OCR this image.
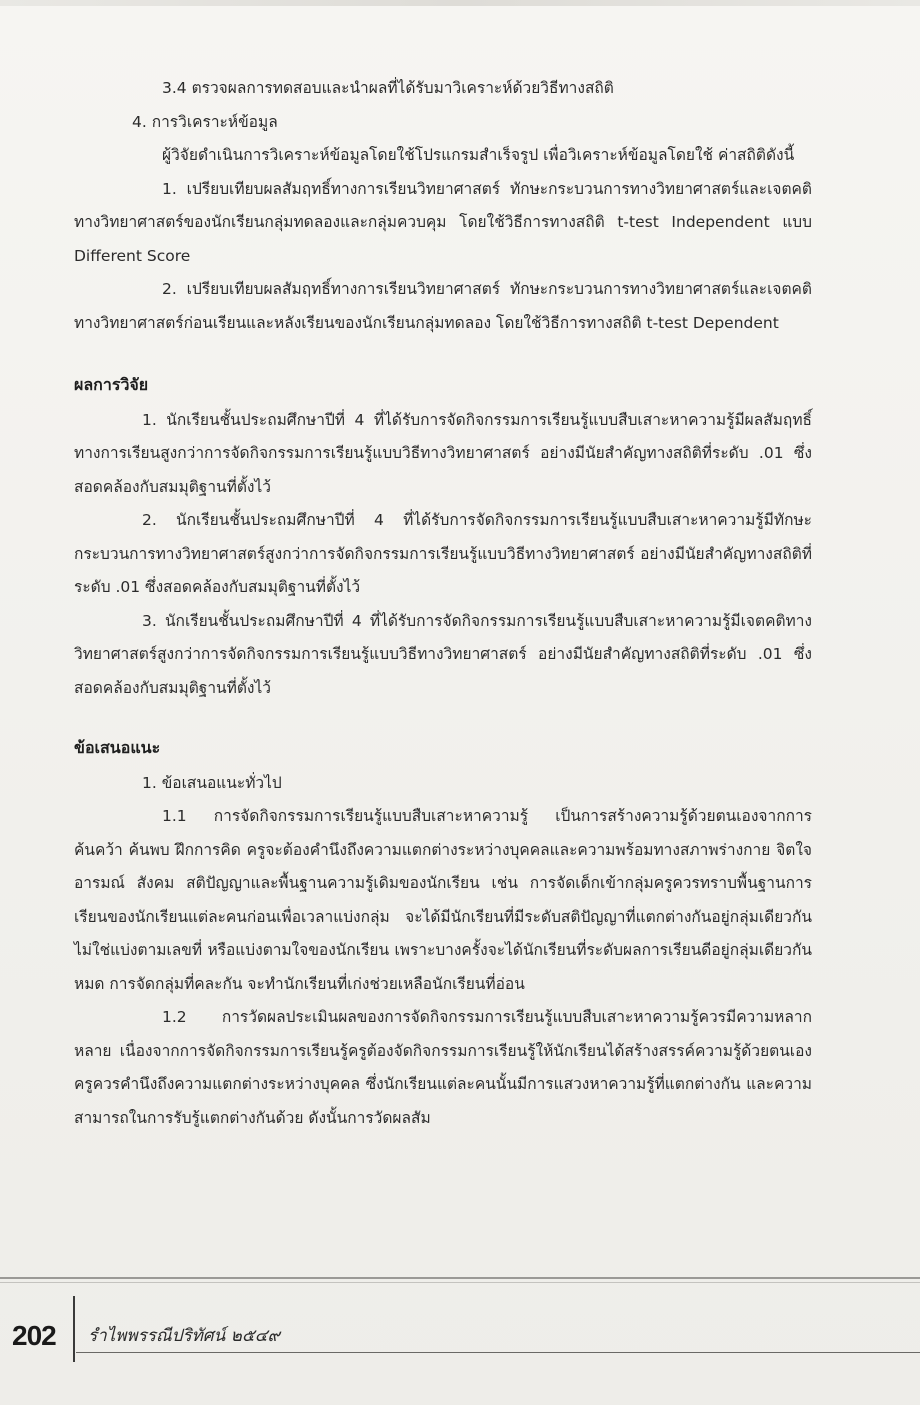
3.4 ตรวจผลการทดสอบและนำผลที่ได้รับมาวิเคราะห์ด้วยวิธีทางสถิติ

4. การวิเคราะห์ข้อมูล

ผู้วิจัยดำเนินการวิเคราะห์ข้อมูลโดยใช้โปรแกรมสำเร็จรูป เพื่อวิเคราะห์ข้อมูลโดยใช้ ค่าสถิติดังนี้

1. เปรียบเทียบผลสัมฤทธิ์ทางการเรียนวิทยาศาสตร์ ทักษะกระบวนการทางวิทยาศาสตร์และเจตคติทางวิทยาศาสตร์ของนักเรียนกลุ่มทดลองและกลุ่มควบคุม โดยใช้วิธีการทางสถิติ t-test Independent แบบ Different Score

2. เปรียบเทียบผลสัมฤทธิ์ทางการเรียนวิทยาศาสตร์ ทักษะกระบวนการทางวิทยาศาสตร์และเจตคติทางวิทยาศาสตร์ก่อนเรียนและหลังเรียนของนักเรียนกลุ่มทดลอง โดยใช้วิธีการทางสถิติ t-test Dependent

ผลการวิจัย

1. นักเรียนชั้นประถมศึกษาปีที่ 4 ที่ได้รับการจัดกิจกรรมการเรียนรู้แบบสืบเสาะหาความรู้มีผลสัมฤทธิ์ทางการเรียนสูงกว่าการจัดกิจกรรมการเรียนรู้แบบวิธีทางวิทยาศาสตร์ อย่างมีนัยสำคัญทางสถิติที่ระดับ .01 ซึ่งสอดคล้องกับสมมุติฐานที่ตั้งไว้

2. นักเรียนชั้นประถมศึกษาปีที่ 4 ที่ได้รับการจัดกิจกรรมการเรียนรู้แบบสืบเสาะหาความรู้มีทักษะกระบวนการทางวิทยาศาสตร์สูงกว่าการจัดกิจกรรมการเรียนรู้แบบวิธีทางวิทยาศาสตร์ อย่างมีนัยสำคัญทางสถิติที่ระดับ .01 ซึ่งสอดคล้องกับสมมุติฐานที่ตั้งไว้

3. นักเรียนชั้นประถมศึกษาปีที่ 4 ที่ได้รับการจัดกิจกรรมการเรียนรู้แบบสืบเสาะหาความรู้มีเจตคติทางวิทยาศาสตร์สูงกว่าการจัดกิจกรรมการเรียนรู้แบบวิธีทางวิทยาศาสตร์ อย่างมีนัยสำคัญทางสถิติที่ระดับ .01 ซึ่งสอดคล้องกับสมมุติฐานที่ตั้งไว้

ข้อเสนอแนะ

1. ข้อเสนอแนะทั่วไป

1.1 การจัดกิจกรรมการเรียนรู้แบบสืบเสาะหาความรู้ เป็นการสร้างความรู้ด้วยตนเองจากการค้นคว้า ค้นพบ ฝึกการคิด ครูจะต้องคำนึงถึงความแตกต่างระหว่างบุคคลและความพร้อมทางสภาพร่างกาย จิตใจ อารมณ์ สังคม สติปัญญาและพื้นฐานความรู้เดิมของนักเรียน เช่น การจัดเด็กเข้ากลุ่มครูควรทราบพื้นฐานการเรียนของนักเรียนแต่ละคนก่อนเพื่อเวลาแบ่งกลุ่ม จะได้มีนักเรียนที่มีระดับสติปัญญาที่แตกต่างกันอยู่กลุ่มเดียวกัน ไม่ใช่แบ่งตามเลขที่ หรือแบ่งตามใจของนักเรียน เพราะบางครั้งจะได้นักเรียนที่ระดับผลการเรียนดีอยู่กลุ่มเดียวกันหมด การจัดกลุ่มที่คละกัน จะทำนักเรียนที่เก่งช่วยเหลือนักเรียนที่อ่อน

1.2 การวัดผลประเมินผลของการจัดกิจกรรมการเรียนรู้แบบสืบเสาะหาความรู้ควรมีความหลากหลาย เนื่องจากการจัดกิจกรรมการเรียนรู้ครูต้องจัดกิจกรรมการเรียนรู้ให้นักเรียนได้สร้างสรรค์ความรู้ด้วยตนเอง ครูควรคำนึงถึงความแตกต่างระหว่างบุคคล ซึ่งนักเรียนแต่ละคนนั้นมีการแสวงหาความรู้ที่แตกต่างกัน และความสามารถในการรับรู้แตกต่างกันด้วย ดังนั้นการวัดผลสัม

202 รำไพพรรณีปริทัศน์ ๒๕๔๙
